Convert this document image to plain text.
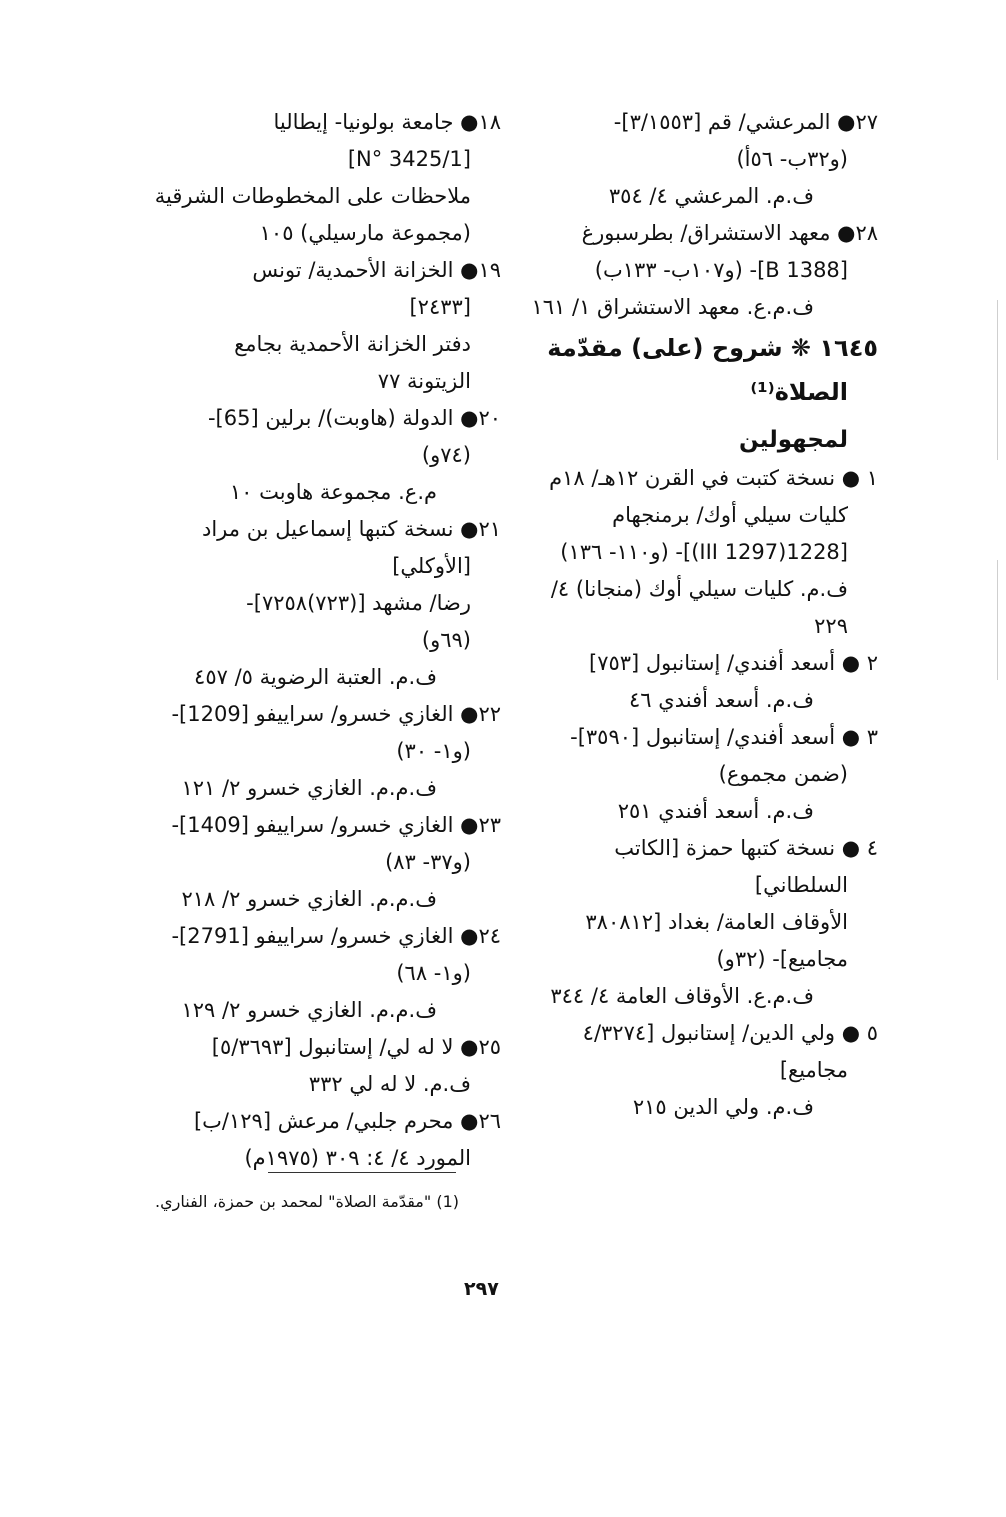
٢٧● المرعشي/ قم [٣/١٥٥٣]-
(و٣٢ب- ٥٦أ)
ف.م. المرعشي ٤/ ٣٥٤
٢٨● معهد الاستشراق/ بطرسبورغ
[B 1388]- (و١٠٧ب- ١٣٣ب)
ف.م.ع. معهد الاستشراق ١/ ١٦١
١٦٤٥ ❋ شروح (على) مقدّمة
الصلاة⁽¹⁾
لمجهولين
١ ● نسخة كتبت في القرن ١٢هـ/ ١٨م
كليات سيلي أوك/ برمنجهام
[1228(1297 III)]- (و١١٠- ١٣٦)
ف.م. كليات سيلي أوك (منجانا) ٤/
٢٢٩
٢ ● أسعد أفندي/ إستانبول [٧٥٣]
ف.م. أسعد أفندي ٤٦
٣ ● أسعد أفندي/ إستانبول [٣٥٩٠]-
(ضمن مجموع)
ف.م. أسعد أفندي ٢٥١
٤ ● نسخة كتبها حمزة [الكاتب
السلطاني]
الأوقاف العامة/ بغداد [٣٨٠٨١٢
مجاميع]- (٣٢و)
ف.م.ع. الأوقاف العامة ٤/ ٣٤٤
٥ ● ولي الدين/ إستانبول [٤/٣٢٧٤
مجاميع]
ف.م. ولي الدين ٢١٥
١٨● جامعة بولونيا- إيطاليا
[N° 3425/1]
ملاحظات على المخطوطات الشرقية
(مجموعة مارسيلي) ١٠٥
١٩● الخزانة الأحمدية/ تونس
[٢٤٣٣]
دفتر الخزانة الأحمدية بجامع
الزيتونة ٧٧
٢٠● الدولة (هاوبت)/ برلين [65]-
(٧٤و)
م.ع. مجموعة هاوبت ١٠
٢١● نسخة كتبها إسماعيل بن مراد
[الأوكلي]
رضا/ مشهد [(٧٢٣)٧٢٥٨]-
(٦٩و)
ف.م. العتبة الرضوية ٥/ ٤٥٧
٢٢● الغازي خسرو/ سراييفو [1209]-
(و١- ٣٠)
ف.م.م. الغازي خسرو ٢/ ١٢١
٢٣● الغازي خسرو/ سراييفو [1409]-
(و٣٧- ٨٣)
ف.م.م. الغازي خسرو ٢/ ٢١٨
٢٤● الغازي خسرو/ سراييفو [2791]-
(و١- ٦٨)
ف.م.م. الغازي خسرو ٢/ ١٢٩
٢٥● لا له لي/ إستانبول [٥/٣٦٩٣]
ف.م. لا له لي ٣٣٢
٢٦● محرم جلبي/ مرعش [١٢٩/ب]
المورد ٤/ ٤: ٣٠٩ (١٩٧٥م)
(1) "مقدّمة الصلاة" لمحمد بن حمزة، الفناري.
٢٩٧
